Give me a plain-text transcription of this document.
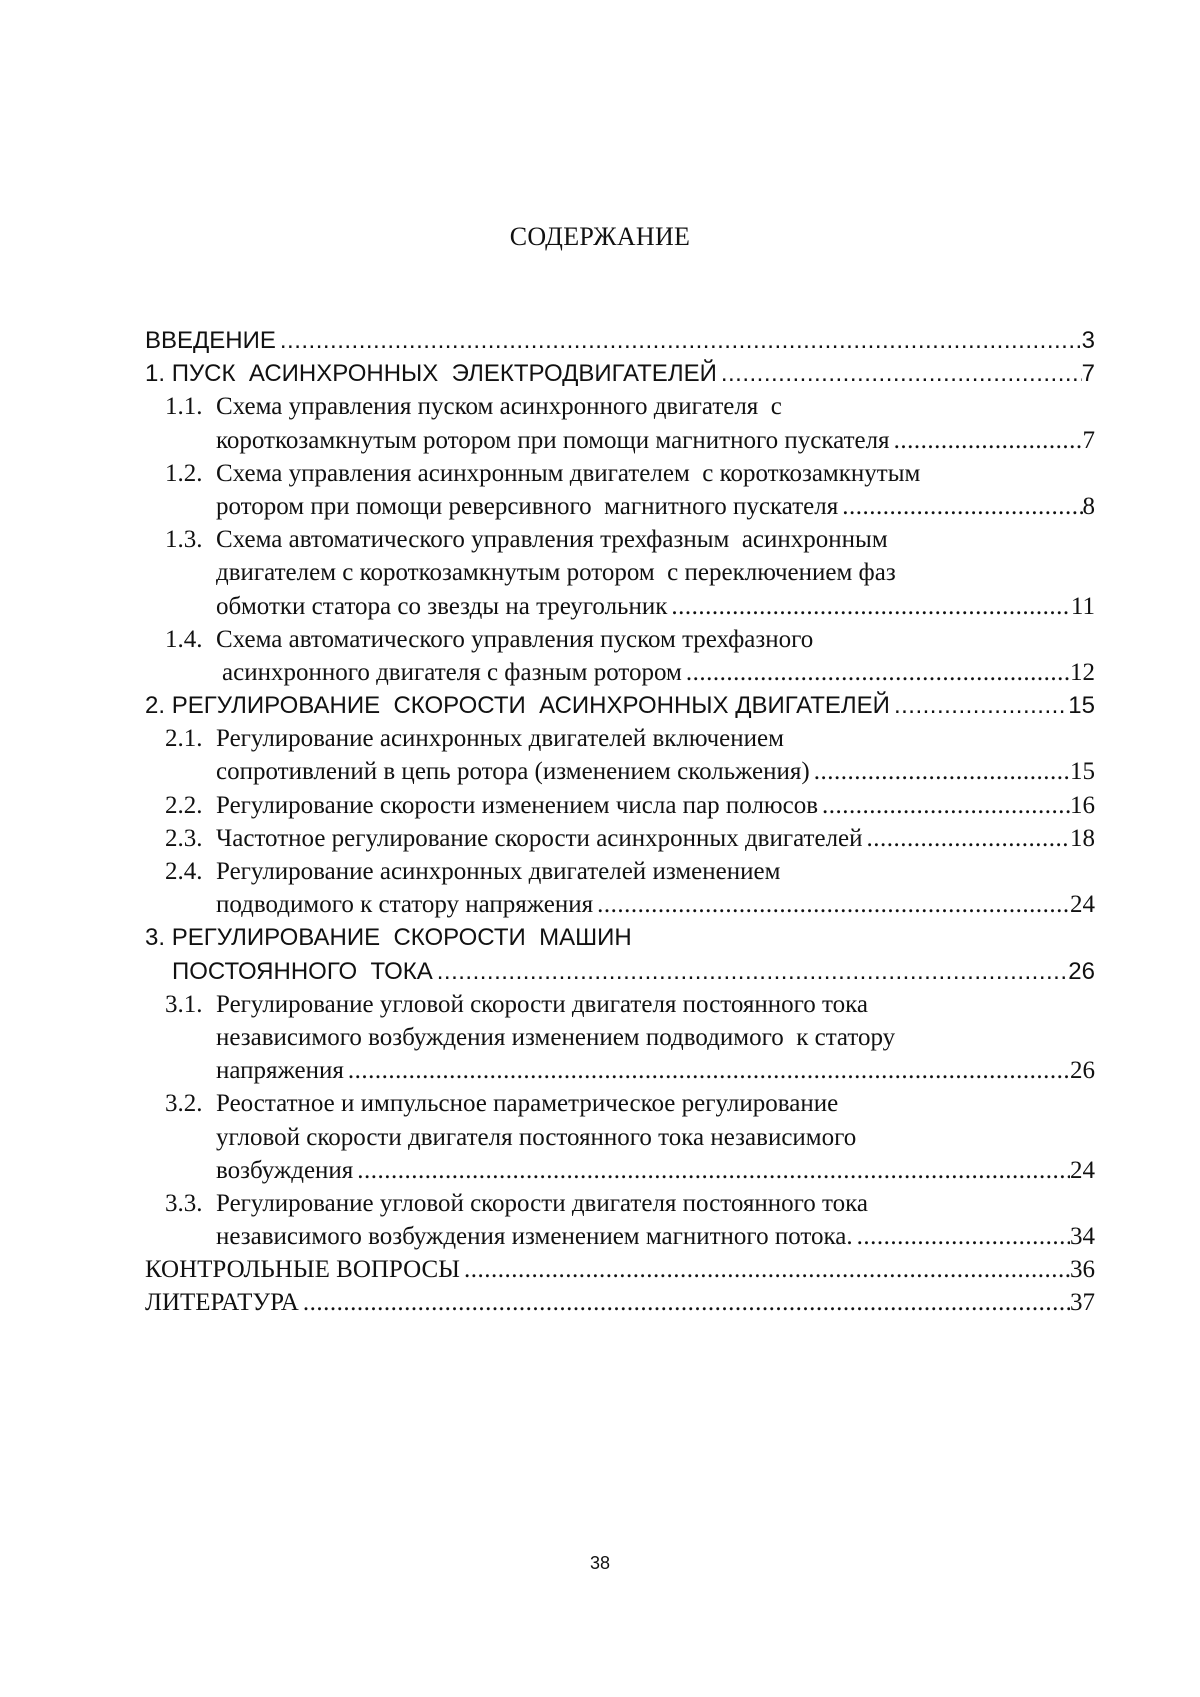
СОДЕРЖАНИЕ
ВВЕДЕНИЕ .....	3
1. ПУСК  АСИНХРОННЫХ  ЭЛЕКТРОДВИГАТЕЛЕЙ .....	7
1.1. Схема управления пуском асинхронного двигателя  с
короткозамкнутым ротором при помощи магнитного пускателя .....	7
1.2. Схема управления асинхронным двигателем  с короткозамкнутым
ротором при помощи реверсивного  магнитного пускателя .....	8
1.3. Схема автоматического управления трехфазным  асинхронным
двигателем с короткозамкнутым ротором  с переключением фаз
обмотки статора со звезды на треугольник .....	11
1.4. Схема автоматического управления пуском трехфазного
асинхронного двигателя с фазным ротором .....	12
2. РЕГУЛИРОВАНИЕ  СКОРОСТИ  АСИНХРОННЫХ ДВИГАТЕЛЕЙ .....	15
2.1. Регулирование асинхронных двигателей включением
сопротивлений в цепь ротора (изменением скольжения) .....	15
2.2. Регулирование скорости изменением числа пар полюсов .....	16
2.3. Частотное регулирование скорости асинхронных двигателей .....	18
2.4. Регулирование асинхронных двигателей изменением
подводимого к статору напряжения .....	24
3. РЕГУЛИРОВАНИЕ  СКОРОСТИ  МАШИН
ПОСТОЯННОГО  ТОКА .....	26
3.1. Регулирование угловой скорости двигателя постоянного тока
независимого возбуждения изменением подводимого  к статору
напряжения .....	26
3.2. Реостатное и импульсное параметрическое регулирование
угловой скорости двигателя постоянного тока независимого
возбуждения .....	24
3.3. Регулирование угловой скорости двигателя постоянного тока
независимого возбуждения изменением магнитного потока. .....	34
КОНТРОЛЬНЫЕ ВОПРОСЫ .....	36
ЛИТЕРАТУРА .....	37
38
